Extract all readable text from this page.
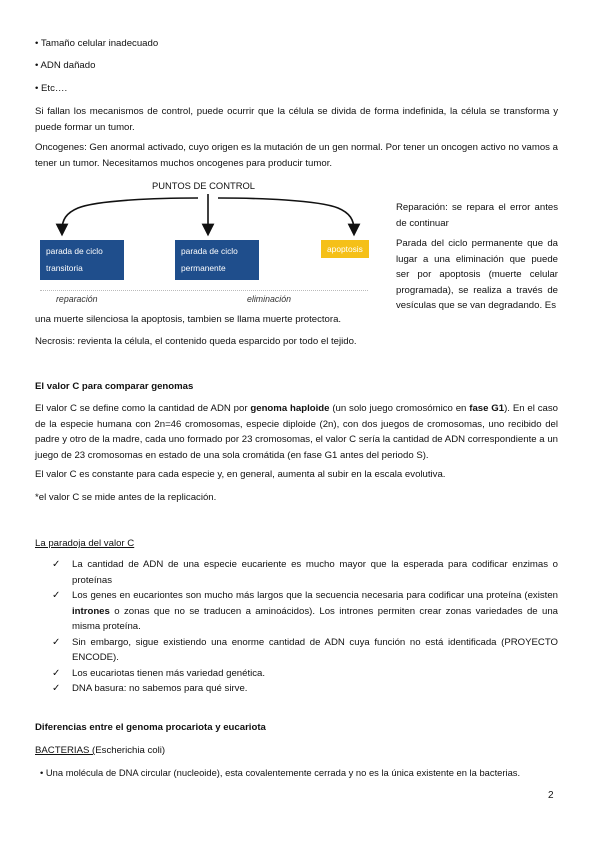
• Tamaño celular inadecuado
• ADN dañado
• Etc….
Si fallan los mecanismos de control, puede ocurrir que la célula se divida de forma indefinida, la célula se transforma y puede formar un tumor.
Oncogenes: Gen anormal activado, cuyo origen es la mutación de un gen normal. Por tener un oncogen activo no vamos a tener un tumor. Necesitamos muchos oncogenes para producir tumor.
PUNTOS DE CONTROL
parada de ciclo
transitoria
parada de ciclo
permanente
apoptosis
reparación	eliminación
Reparación: se repara el error antes de continuar
Parada del ciclo permanente que da lugar a una eliminación que puede ser por apoptosis (muerte celular programada), se realiza a través de vesículas que se van degradando. Es
una muerte silenciosa la apoptosis, tambien se llama muerte protectora.
Necrosis: revienta la célula, el contenido queda esparcido por todo el tejido.
El valor C para comparar genomas
El valor C se define como la cantidad de ADN por genoma haploide (un solo juego cromosómico en fase G1). En el caso de la especie humana con 2n=46 cromosomas, especie diploide (2n), con dos juegos de cromosomas, uno recibido del padre y otro de la madre, cada uno formado por 23 cromosomas, el valor C sería la cantidad de ADN correspondiente a un juego de 23 cromosomas en estado de una sola cromátida (en fase G1 antes del periodo S).
El valor C es constante para cada especie y, en general, aumenta al subir en la escala evolutiva.
*el valor C se mide antes de la replicación.
La paradoja del valor C
✓ La cantidad de ADN de una especie eucariente es mucho mayor que la esperada para codificar enzimas o proteínas
✓ Los genes en eucariontes son mucho más largos que la secuencia necesaria para codificar una proteína (existen intrones o zonas que no se traducen a aminoácidos). Los intrones permiten crear zonas variedades de una misma proteína.
✓ Sin embargo, sigue existiendo una enorme cantidad de ADN cuya función no está identificada (PROYECTO ENCODE).
✓ Los eucariotas tienen más variedad genética.
✓ DNA basura: no sabemos para qué sirve.
Diferencias entre el genoma procariota y eucariota
BACTERIAS (Escherichia coli)
• Una molécula de DNA circular (nucleoide), esta covalentemente cerrada y no es la única existente en la bacterias.
2
